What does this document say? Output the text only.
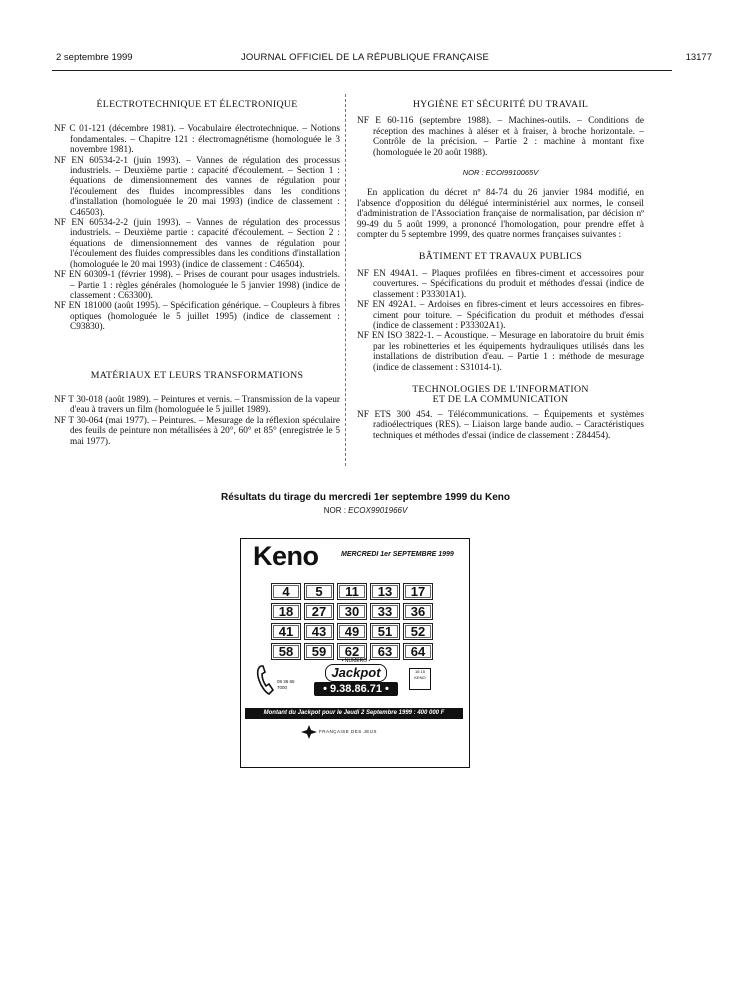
2 septembre 1999	JOURNAL OFFICIEL DE LA RÉPUBLIQUE FRANÇAISE	13177

ÉLECTROTECHNIQUE ET ÉLECTRONIQUE

NF C 01-121 (décembre 1981). – Vocabulaire électrotechnique. – Notions fondamentales. – Chapitre 121 : électromagnétisme (homologuée le 3 novembre 1981).

NF EN 60534-2-1 (juin 1993). – Vannes de régulation des processus industriels. – Deuxième partie : capacité d'écoulement. – Section 1 : équations de dimensionnement des vannes de régulation pour l'écoulement des fluides incompressibles dans les conditions d'installation (homologuée le 20 mai 1993) (indice de classement : C46503).

NF EN 60534-2-2 (juin 1993). – Vannes de régulation des processus industriels. – Deuxième partie : capacité d'écoulement. – Section 2 : équations de dimensionnement des vannes de régulation pour l'écoulement des fluides compressibles dans les conditions d'installation (homologuée le 20 mai 1993) (indice de classement : C46504).

NF EN 60309-1 (février 1998). – Prises de courant pour usages industriels. – Partie 1 : règles générales (homologuée le 5 janvier 1998) (indice de classement : C63300).

NF EN 181000 (août 1995). – Spécification générique. – Coupleurs à fibres optiques (homologuée le 5 juillet 1995) (indice de classement : C93830).

MATÉRIAUX ET LEURS TRANSFORMATIONS

NF T 30-018 (août 1989). – Peintures et vernis. – Transmission de la vapeur d'eau à travers un film (homologuée le 5 juillet 1989).

NF T 30-064 (mai 1977). – Peintures. – Mesurage de la réflexion spéculaire des feuils de peinture non métallisées à 20°, 60° et 85° (enregistrée le 5 mai 1977).

HYGIÈNE ET SÉCURITÉ DU TRAVAIL

NF E 60-116 (septembre 1988). – Machines-outils. – Conditions de réception des machines à aléser et à fraiser, à broche horizontale. – Contrôle de la précision. – Partie 2 : machine à montant fixe (homologuée le 20 août 1988).

NOR : ECOI9910065V

En application du décret nº 84-74 du 26 janvier 1984 modifié, en l'absence d'opposition du délégué interministériel aux normes, le conseil d'administration de l'Association française de normalisation, par décision nº 99-49 du 5 août 1999, a prononcé l'homologation, pour prendre effet à compter du 5 septembre 1999, des quatre normes françaises suivantes :

BÂTIMENT ET TRAVAUX PUBLICS

NF EN 494A1. – Plaques profilées en fibres-ciment et accessoires pour couvertures. – Spécifications du produit et méthodes d'essai (indice de classement : P33301A1).

NF EN 492A1. – Ardoises en fibres-ciment et leurs accessoires en fibres-ciment pour toiture. – Spécification du produit et méthodes d'essai (indice de classement : P33302A1).

NF EN ISO 3822-1. – Acoustique. – Mesurage en laboratoire du bruit émis par les robinetteries et les équipements hydrauliques utilisés dans les installations de distribution d'eau. – Partie 1 : méthode de mesurage (indice de classement : S31014-1).

TECHNOLOGIES DE L'INFORMATION
ET DE LA COMMUNICATION

NF ETS 300 454. – Télécommunications. – Équipements et systèmes radioélectriques (RES). – Liaison large bande audio. – Caractéristiques techniques et méthodes d'essai (indice de classement : Z84454).

Résultats du tirage du mercredi 1er septembre 1999 du Keno
NOR : ECOX9901966V
Keno	MERCREDI 1er SEPTEMBRE 1999
4	5	11	13	17
18	27	30	33	36
41	43	49	51	52
58	59	62	63	64
08 36 65
7000
• NUMÉRO •
Jackpot
• 9.38.86.71 •
16 15
KENO
Montant du Jackpot pour le Jeudi 2 Septembre 1999 : 400 000 F
FRANÇAISE DES JEUX
